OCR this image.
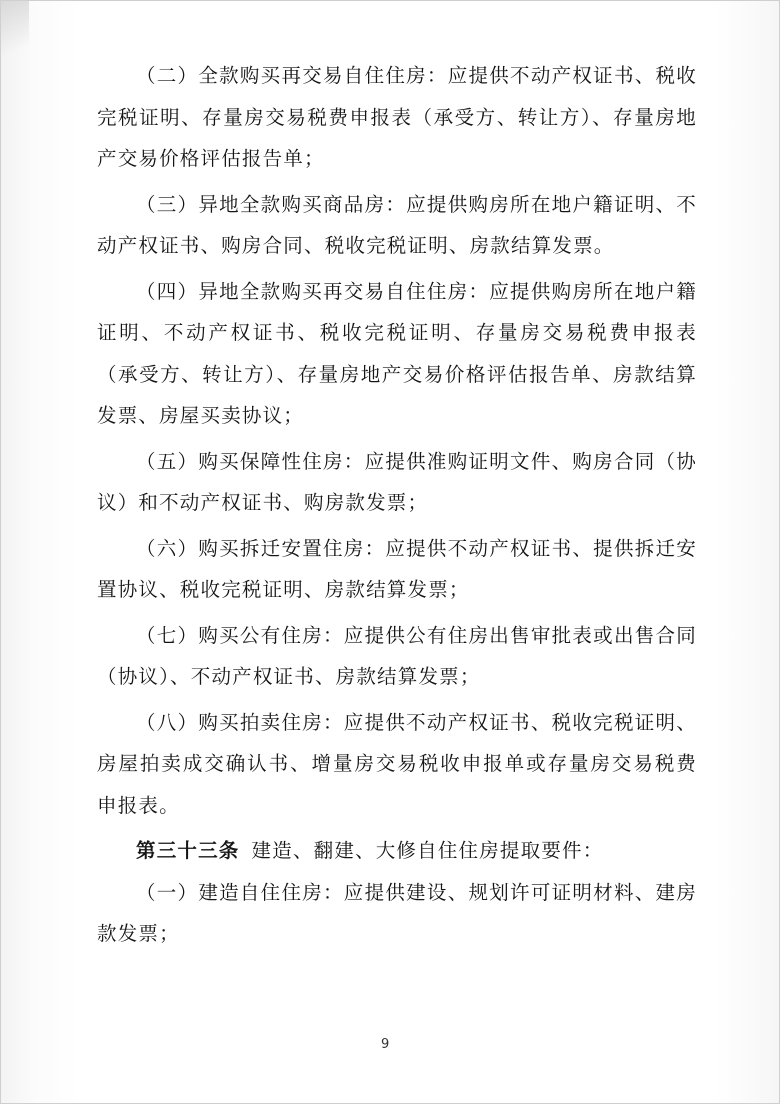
（二）全款购买再交易自住住房：应提供不动产权证书、税收完税证明、存量房交易税费申报表（承受方、转让方）、存量房地产交易价格评估报告单；

（三）异地全款购买商品房：应提供购房所在地户籍证明、不动产权证书、购房合同、税收完税证明、房款结算发票。

（四）异地全款购买再交易自住住房：应提供购房所在地户籍证明、不动产权证书、税收完税证明、存量房交易税费申报表（承受方、转让方）、存量房地产交易价格评估报告单、房款结算发票、房屋买卖协议；

（五）购买保障性住房：应提供准购证明文件、购房合同（协议）和不动产权证书、购房款发票；

（六）购买拆迁安置住房：应提供不动产权证书、提供拆迁安置协议、税收完税证明、房款结算发票；

（七）购买公有住房：应提供公有住房出售审批表或出售合同（协议）、不动产权证书、房款结算发票；

（八）购买拍卖住房：应提供不动产权证书、税收完税证明、房屋拍卖成交确认书、增量房交易税收申报单或存量房交易税费申报表。

第三十三条 建造、翻建、大修自住住房提取要件：

（一）建造自住住房：应提供建设、规划许可证明材料、建房款发票；

9
